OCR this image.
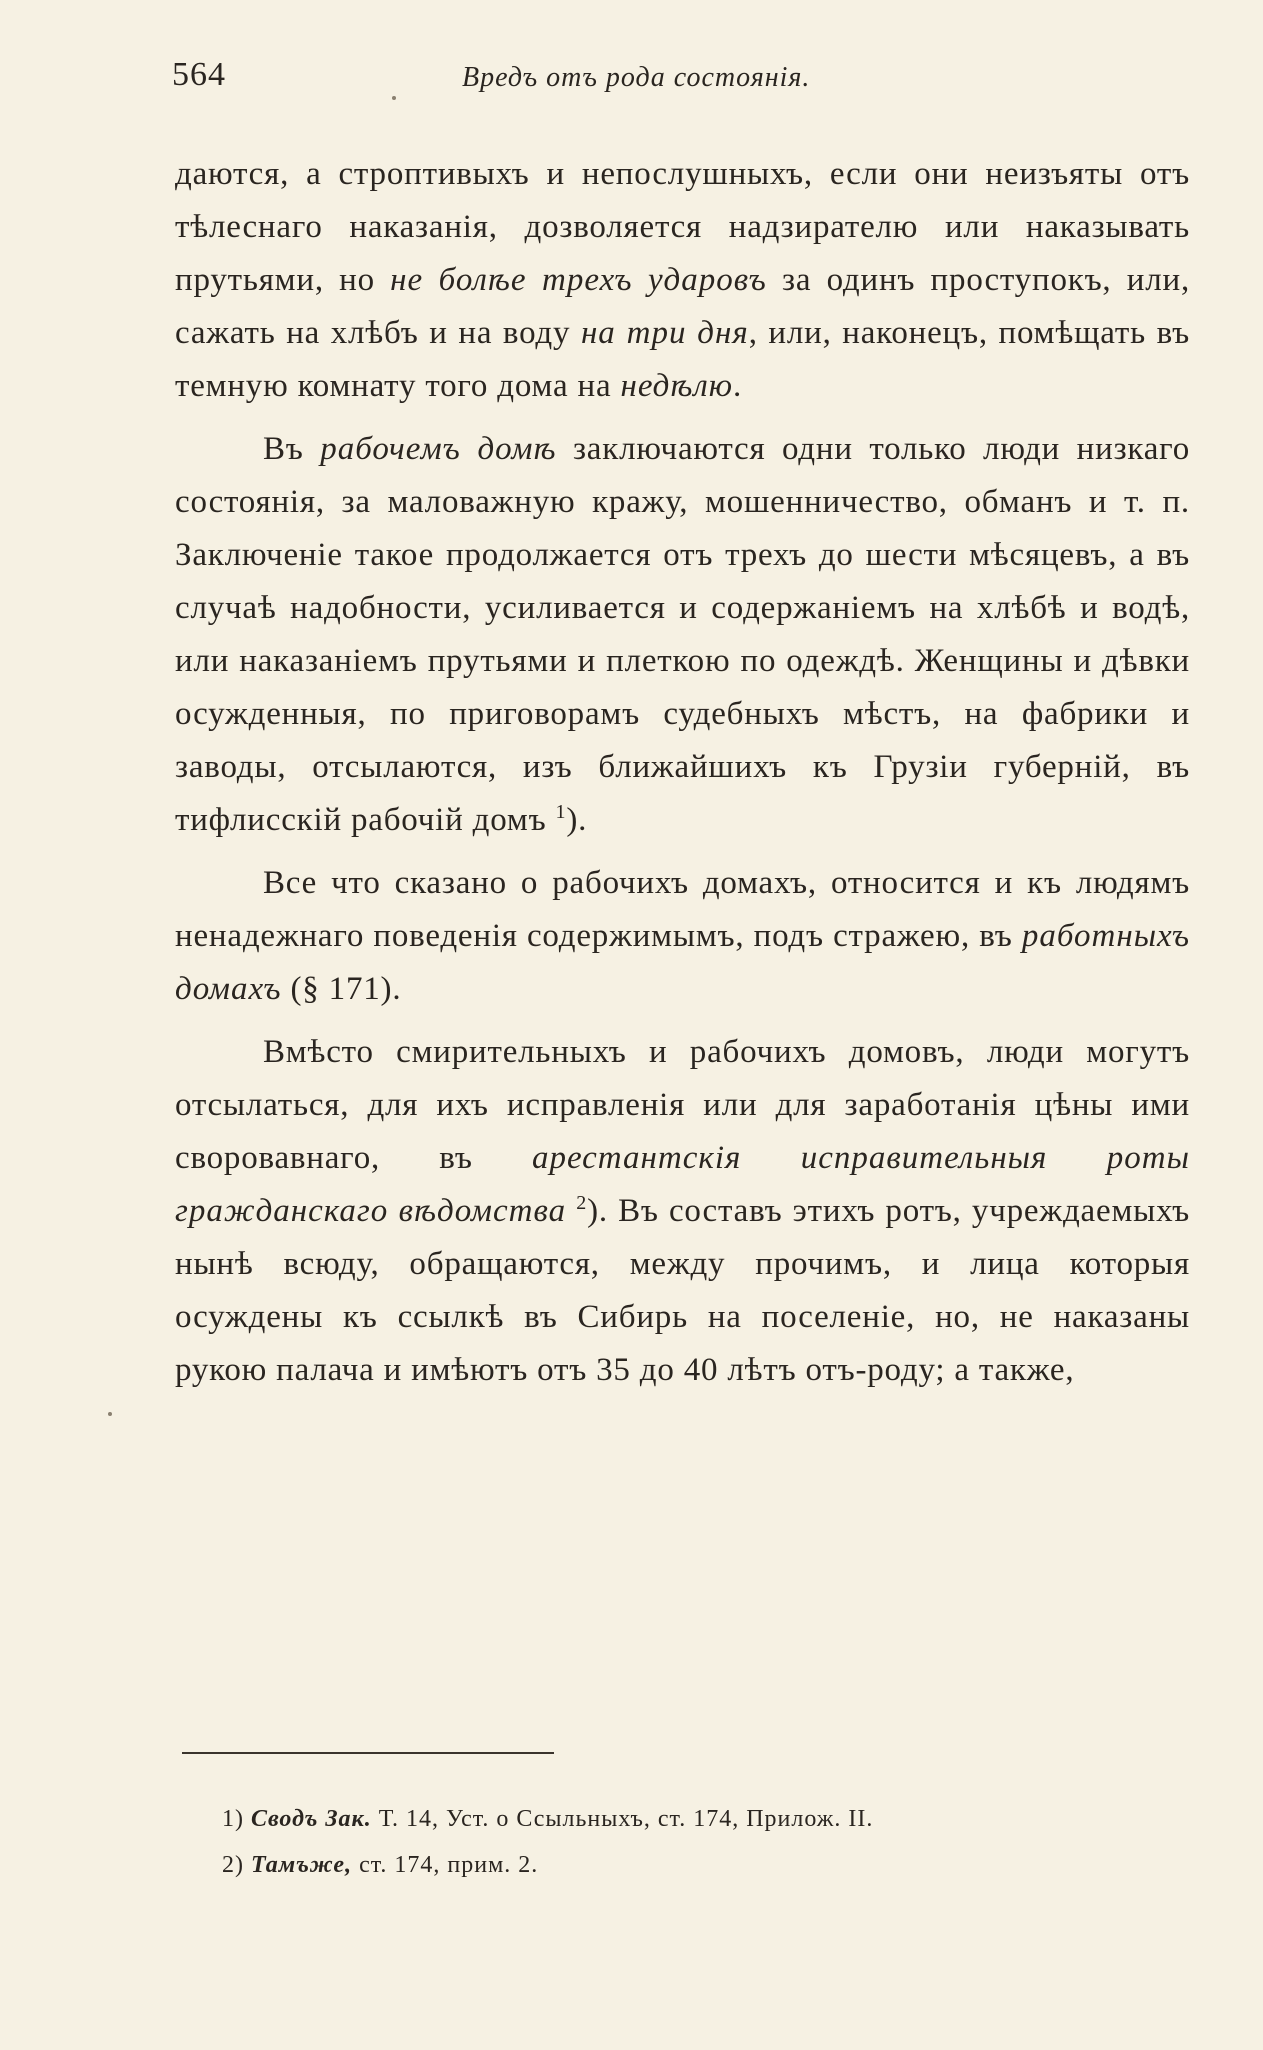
564	Вредъ отъ рода состоянія.

даются, а строптивыхъ и непослушныхъ, если они неизъяты отъ тѣлеснаго наказанія, дозволяется надзирателю или наказывать прутьями, но не болѣе трехъ ударовъ за одинъ проступокъ, или, сажать на хлѣбъ и на воду на три дня, или, наконецъ, помѣщать въ темную комнату того дома на недѣлю.

Въ рабочемъ домѣ заключаются одни только люди низкаго состоянія, за маловажную кражу, мошенничество, обманъ и т. п. Заключеніе такое продолжается отъ трехъ до шести мѣсяцевъ, а въ случаѣ надобности, усиливается и содержаніемъ на хлѣбѣ и водѣ, или наказаніемъ прутьями и плеткою по одеждѣ. Женщины и дѣвки осужденныя, по приговорамъ судебныхъ мѣстъ, на фабрики и заводы, отсылаются, изъ ближайшихъ къ Грузіи губерній, въ тифлисскій рабочій домъ $^1$).

Все что сказано о рабочихъ домахъ, относится и къ людямъ ненадежнаго поведенія содержимымъ, подъ стражею, въ работныхъ домахъ (§ 171).

Вмѣсто смирительныхъ и рабочихъ домовъ, люди могутъ отсылаться, для ихъ исправленія или для заработанія цѣны ими своровавнаго, въ арестантскія исправительныя роты гражданскаго вѣдомства $^2$). Въ составъ этихъ ротъ, учреждаемыхъ нынѣ всюду, обращаются, между прочимъ, и лица которыя осуждены къ ссылкѣ въ Сибирь на поселеніе, но, не наказаны рукою палача и имѣютъ отъ 35 до 40 лѣтъ отъ-роду; а также,

1) Сводъ Зак. Т. 14, Уст. о Ссыльныхъ, ст. 174, Прилож. II.
2) Тамъже, ст. 174, прим. 2.
